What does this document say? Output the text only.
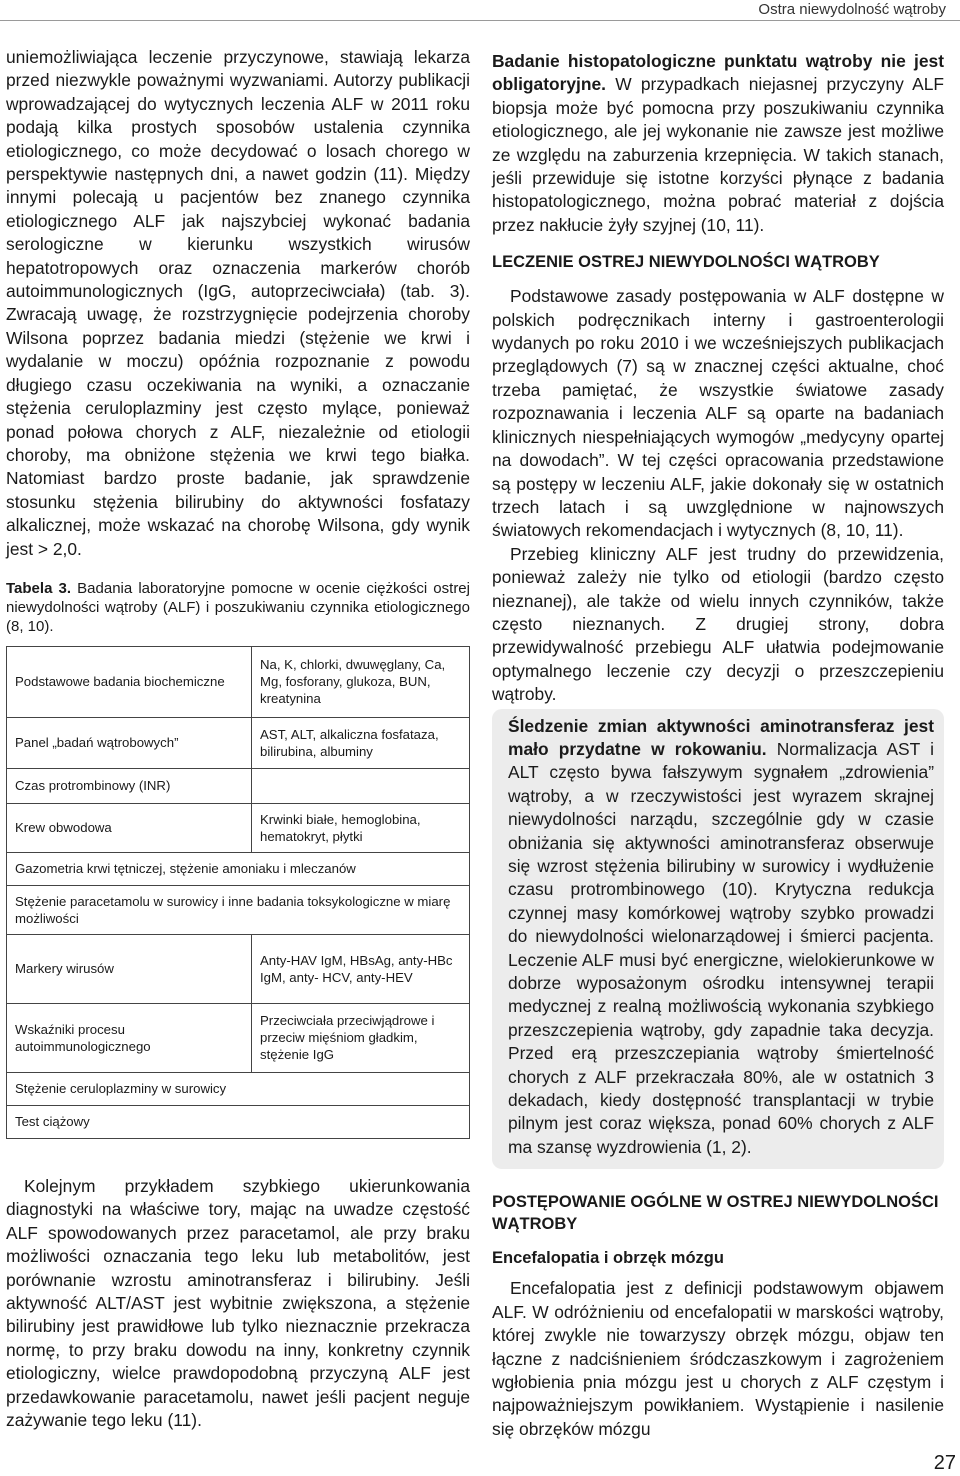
Ostra niewydolność wątroby

uniemożliwiająca leczenie przyczynowe, stawiają lekarza przed niezwykle poważnymi wyzwaniami. Autorzy publikacji wprowadzającej do wytycznych leczenia ALF w 2011 roku podają kilka prostych sposobów ustalenia czynnika etiologicznego, co może decydować o losach chorego w perspektywie następnych dni, a nawet godzin (11). Między innymi polecają u pacjentów bez znanego czynnika etiologicznego ALF jak najszybciej wykonać badania serologiczne w kierunku wszystkich wirusów hepatotropowych oraz oznaczenia markerów chorób autoimmunologicznych (IgG, autoprzeciwciała) (tab. 3). Zwracają uwagę, że rozstrzygnięcie podejrzenia choroby Wilsona poprzez badania miedzi (stężenie we krwi i wydalanie w moczu) opóźnia rozpoznanie z powodu długiego czasu oczekiwania na wyniki, a oznaczanie stężenia ceruloplazminy jest często mylące, ponieważ ponad połowa chorych z ALF, niezależnie od etiologii choroby, ma obniżone stężenia we krwi tego białka. Natomiast bardzo proste badanie, jak sprawdzenie stosunku stężenia bilirubiny do aktywności fosfatazy alkalicznej, może wskazać na chorobę Wilsona, gdy wynik jest > 2,0.

Tabela 3. Badania laboratoryjne pomocne w ocenie ciężkości ostrej niewydolności wątroby (ALF) i poszukiwaniu czynnika etiologicznego (8, 10).

Podstawowe badania biochemiczne	Na, K, chlorki, dwuwęglany, Ca, Mg, fosforany, glukoza, BUN, kreatynina
Panel „badań wątrobowych”	AST, ALT, alkaliczna fosfataza, bilirubina, albuminy
Czas protrombinowy (INR)	
Krew obwodowa	Krwinki białe, hemoglobina, hematokryt, płytki
Gazometria krwi tętniczej, stężenie amoniaku i mleczanów	
Stężenie paracetamolu w surowicy i inne badania toksykologiczne w miarę możliwości	
Markery wirusów	Anty-HAV IgM, HBsAg, anty-HBc IgM, anty- HCV, anty-HEV
Wskaźniki procesu autoimmunologicznego	Przeciwciała przeciwjądrowe i przeciw mięśniom gładkim, stężenie IgG
Stężenie ceruloplazminy w surowicy	
Test ciążowy	

Kolejnym przykładem szybkiego ukierunkowania diagnostyki na właściwe tory, mając na uwadze częstość ALF spowodowanych przez paracetamol, ale przy braku możliwości oznaczania tego leku lub metabolitów, jest porównanie wzrostu aminotransferaz i bilirubiny. Jeśli aktywność ALT/AST jest wybitnie zwiększona, a stężenie bilirubiny jest prawidłowe lub tylko nieznacznie przekracza normę, to przy braku dowodu na inny, konkretny czynnik etiologiczny, wielce prawdopodobną przyczyną ALF jest przedawkowanie paracetamolu, nawet jeśli pacjent neguje zażywanie tego leku (11).

Badanie histopatologiczne punktatu wątroby nie jest obligatoryjne. W przypadkach niejasnej przyczyny ALF biopsja może być pomocna przy poszukiwaniu czynnika etiologicznego, ale jej wykonanie nie zawsze jest możliwe ze względu na zaburzenia krzepnięcia. W takich stanach, jeśli przewiduje się istotne korzyści płynące z badania histopatologicznego, można pobrać materiał z dojścia przez nakłucie żyły szyjnej (10, 11).

LECZENIE OSTREJ NIEWYDOLNOŚCI WĄTROBY

Podstawowe zasady postępowania w ALF dostępne w polskich podręcznikach interny i gastroenterologii wydanych po roku 2010 i we wcześniejszych publikacjach przeglądowych (7) są w znacznej części aktualne, choć trzeba pamiętać, że wszystkie światowe zasady rozpoznawania i leczenia ALF są oparte na badaniach klinicznych niespełniających wymogów „medycyny opartej na dowodach”. W tej części opracowania przedstawione są postępy w leczeniu ALF, jakie dokonały się w ostatnich trzech latach i są uwzględnione w najnowszych światowych rekomendacjach i wytycznych (8, 10, 11).

Przebieg kliniczny ALF jest trudny do przewidzenia, ponieważ zależy nie tylko od etiologii (bardzo często nieznanej), ale także od wielu innych czynników, także często nieznanych. Z drugiej strony, dobra przewidywalność przebiegu ALF ułatwia podejmowanie optymalnego leczenie czy decyzji o przeszczepieniu wątroby.

Śledzenie zmian aktywności aminotransferaz jest mało przydatne w rokowaniu. Normalizacja AST i ALT często bywa fałszywym sygnałem „zdrowienia” wątroby, a w rzeczywistości jest wyrazem skrajnej niewydolności narządu, szczególnie gdy w czasie obniżania się aktywności aminotransferaz obserwuje się wzrost stężenia bilirubiny w surowicy i wydłużenie czasu protrombinowego (10). Krytyczna redukcja czynnej masy komórkowej wątroby szybko prowadzi do niewydolności wielonarządowej i śmierci pacjenta. Leczenie ALF musi być energiczne, wielokierunkowe w dobrze wyposażonym ośrodku intensywnej terapii medycznej z realną możliwością wykonania szybkiego przeszczepienia wątroby, gdy zapadnie taka decyzja. Przed erą przeszczepiania wątroby śmiertelność chorych z ALF przekraczała 80%, ale w ostatnich 3 dekadach, kiedy dostępność transplantacji w trybie pilnym jest coraz większa, ponad 60% chorych z ALF ma szansę wyzdrowienia (1, 2).

POSTĘPOWANIE OGÓLNE W OSTREJ NIEWYDOLNOŚCI WĄTROBY
Encefalopatia i obrzęk mózgu

Encefalopatia jest z definicji podstawowym objawem ALF. W odróżnieniu od encefalopatii w marskości wątroby, której zwykle nie towarzyszy obrzęk mózgu, objaw ten łączne z nadciśnieniem śródczaszkowym i zagrożeniem wgłobienia pnia mózgu jest u chorych z ALF częstym i najpoważniejszym powikłaniem. Wystąpienie i nasilenie się obrzęków mózgu

27
